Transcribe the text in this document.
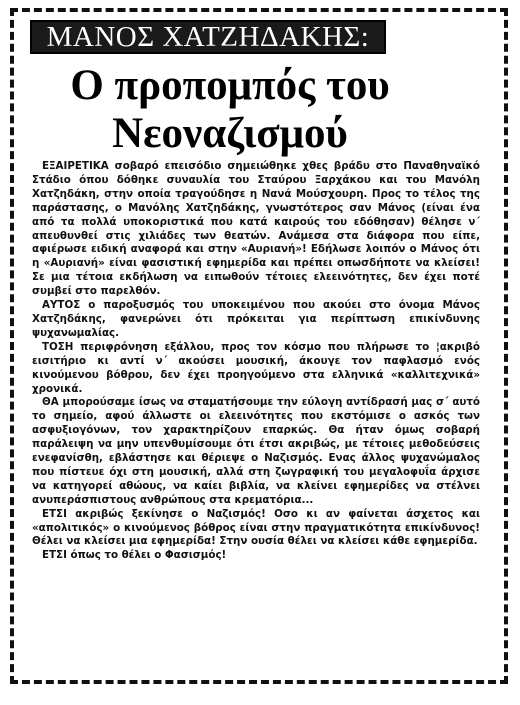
ΜΑΝΟΣ ΧΑΤΖΗΔΑΚΗΣ:
Ο προπομπός του
Νεοναζισμού

ΕΞΑΙΡΕΤΙΚΑ σοβαρό επεισόδιο σημειώθηκε χθες βράδυ στο Παναθηναϊκό Στάδιο όπου δόθηκε συναυλία του Σταύρου Ξαρχάκου και του Μανόλη Χατζηδάκη, στην οποία τραγούδησε η Νανά Μούσχουρη. Προς το τέλος της παράστασης, ο Μανόλης Χατζηδάκης, γνωστότερος σαν Μάνος (είναι ένα από τα πολλά υποκοριστικά που κατά καιρούς του εδόθησαν) θέλησε ν΄ απευθυνθεί στις χιλιάδες των θεατών. Ανάμεσα στα διάφορα που είπε, αφιέρωσε ειδική αναφορά και στην «Αυριανή»! Εδήλωσε λοιπόν ο Μάνος ότι η «Αυριανή» είναι φασιστική εφημερίδα και πρέπει οπωσδήποτε να κλείσει! Σε μια τέτοια εκδήλωση να ειπωθούν τέτοιες ελεεινότητες, δεν έχει ποτέ συμβεί στο παρελθόν.

ΑΥΤΟΣ ο παροξυσμός του υποκειμένου που ακούει στο όνομα Μάνος Χατζηδάκης, φανερώνει ότι πρόκειται για περίπτωση επικίνδυνης ψυχανωμαλίας.

ΤΟΣΗ περιφρόνηση εξάλλου, προς τον κόσμο που πλήρωσε το ¦ακριβό εισιτήριο κι αντί ν΄ ακούσει μουσική, άκουγε τον παφλασμό ενός κινούμενου βόθρου, δεν έχει προηγούμενο στα ελληνικά «καλλιτεχνικά» χρονικά.

ΘΑ μπορούσαμε ίσως να σταματήσουμε την εύλογη αντίδρασή μας σ΄ αυτό το σημείο, αφού άλλωστε οι ελεεινότητες που εκστόμισε ο ασκός των ασφυξιογόνων, τον χαρακτηρίζουν επαρκώς. Θα ήταν όμως σοβαρή παράλειψη να μην υπενθυμίσουμε ότι έτσι ακριβώς, με τέτοιες μεθοδεύσεις ενεφανίσθη, εβλάστησε και θέριεψε ο Ναζισμός. Ενας άλλος ψυχανώμαλος που πίστευε όχι στη μουσική, αλλά στη ζωγραφική του μεγαλοφυΐα άρχισε να κατηγορεί αθώους, να καίει βιβλία, να κλείνει εφημερίδες να στέλνει ανυπεράσπιστους ανθρώπους στα κρεματόρια...

ΕΤΣΙ ακριβώς ξεκίνησε ο Ναζισμός! Οσο κι αν φαίνεται άσχετος και «απολιτικός» ο κινούμενος βόθρος είναι στην πραγματικότητα επικίνδυνος! Θέλει να κλείσει μια εφημερίδα! Στην ουσία θέλει να κλείσει κάθε εφημερίδα.

ΕΤΣΙ όπως το θέλει ο Φασισμός!
